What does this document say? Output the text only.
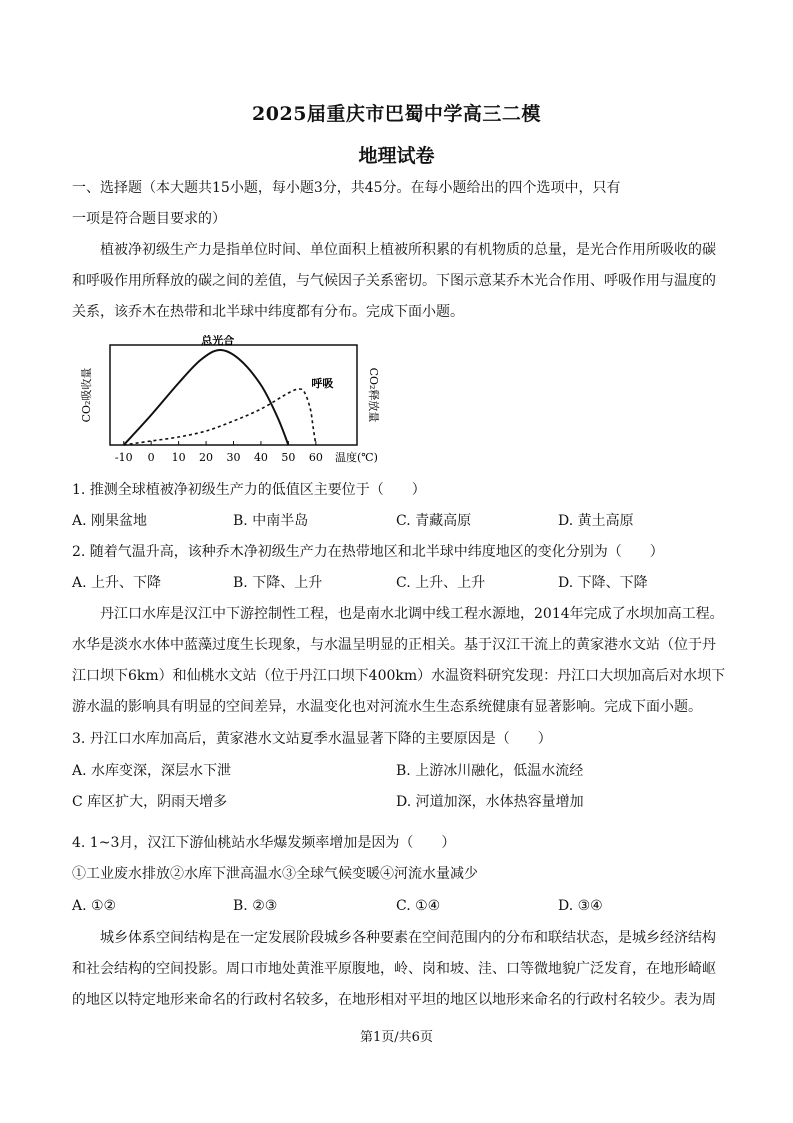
2025届重庆市巴蜀中学高三二模
地理试卷
一、选择题（本大题共15小题，每小题3分，共45分。在每小题给出的四个选项中，只有
一项是符合题目要求的）
植被净初级生产力是指单位时间、单位面积上植被所积累的有机物质的总量，是光合作用所吸收的碳
和呼吸作用所释放的碳之间的差值，与气候因子关系密切。下图示意某乔木光合作用、呼吸作用与温度的
关系，该乔木在热带和北半球中纬度都有分布。完成下面小题。
CO₂吸收量	CO₂释放量
-10 0 10 20 30 40 50 60
总光合
呼吸
温度(℃)
1. 推测全球植被净初级生产力的低值区主要位于（　　）
A. 刚果盆地	B. 中南半岛	C. 青藏高原	D. 黄土高原
2. 随着气温升高，该种乔木净初级生产力在热带地区和北半球中纬度地区的变化分别为（　　）
A. 上升、下降	B. 下降、上升	C. 上升、上升	D. 下降、下降
丹江口水库是汉江中下游控制性工程，也是南水北调中线工程水源地，2014年完成了水坝加高工程。
水华是淡水水体中蓝藻过度生长现象，与水温呈明显的正相关。基于汉江干流上的黄家港水文站（位于丹
江口坝下6km）和仙桃水文站（位于丹江口坝下400km）水温资料研究发现：丹江口大坝加高后对水坝下
游水温的影响具有明显的空间差异，水温变化也对河流水生生态系统健康有显著影响。完成下面小题。
3. 丹江口水库加高后，黄家港水文站夏季水温显著下降的主要原因是（　　）
A. 水库变深，深层水下泄	B. 上游冰川融化，低温水流经
C 库区扩大，阴雨天增多	D. 河道加深，水体热容量增加
4. 1~3月，汉江下游仙桃站水华爆发频率增加是因为（　　）
①工业废水排放②水库下泄高温水③全球气候变暖④河流水量减少
A. ①②	B. ②③	C. ①④	D. ③④
城乡体系空间结构是在一定发展阶段城乡各种要素在空间范围内的分布和联结状态，是城乡经济结构
和社会结构的空间投影。周口市地处黄淮平原腹地，岭、岗和坡、洼、口等微地貌广泛发育，在地形崎岖
的地区以特定地形来命名的行政村名较多，在地形相对平坦的地区以地形来命名的行政村名较少。表为周
第1页/共6页
